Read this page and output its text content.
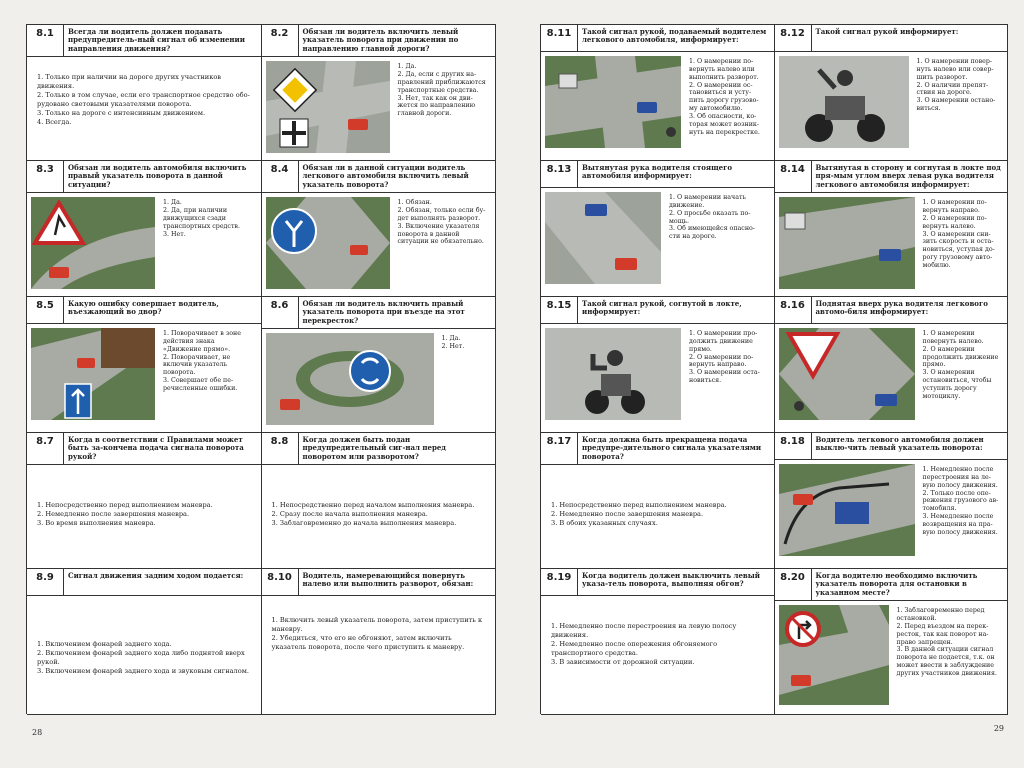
8.1	Всегда ли водитель должен подавать предупредитель-ный сигнал об изменении направления движения?
1. Только при наличии на дороге других участников движения.
2. Только в том случае, если его транспортное средство обо-рудовано световыми указателями поворота.
3. Только на дороге с интенсивным движением.
4. Всегда.
8.2	Обязан ли водитель включить левый указатель поворота при движении по направлению главной дороги?
1. Да.
2. Да, если с других на-правлений приближаются транспортные средства.
3. Нет, так как он дви-жется по направлению главной дороги.
8.3	Обязан ли водитель автомобиля включить правый указатель поворота в данной ситуации?
1. Да.
2. Да, при наличии движущихся сзади транспортных средств.
3. Нет.
8.4	Обязан ли в данной ситуации водитель легкового автомобиля включить левый указатель поворота?
1. Обязан.
2. Обязан, только если бу-дет выполнять разворот.
3. Включение указателя поворота в данной ситуации не обязательно.
8.5	Какую ошибку совершает водитель, въезжающий во двор?
1. Поворачивает в зоне действия знака «Движение прямо».
2. Поворачивает, не включив указатель поворота.
3. Совершает обе пе-речисленные ошибки.
8.6	Обязан ли водитель включить правый указатель поворота при въезде на этот перекресток?
1. Да.
2. Нет.
8.7	Когда в соответствии с Правилами может быть за-кончена подача сигнала поворота рукой?
1. Непосредственно перед выполнением маневра.
2. Немедленно после завершения маневра.
3. Во время выполнения маневра.
8.8	Когда должен быть подан предупредительный сиг-нал перед поворотом или разворотом?
1. Непосредственно перед началом выполнения маневра.
2. Сразу после начала выполнения маневра.
3. Заблаговременно до начала выполнения маневра.
8.9	Сигнал движения задним ходом подается:
1. Включением фонарей заднего хода.
2. Включением фонарей заднего хода либо поднятой вверх рукой.
3. Включением фонарей заднего хода и звуковым сигналом.
8.10	Водитель, намеревающийся повернуть налево или выполнить разворот, обязан:
1. Включить левый указатель поворота, затем приступить к маневру.
2. Убедиться, что его не обгоняют, затем включить указатель поворота, после чего приступить к маневру.
28
8.11	Такой сигнал рукой, подаваемый водителем легкового автомобиля, информирует:
1. О намерении по-вернуть налево или выполнить разворот.
2. О намерении ос-тановиться и усту-пить дорогу грузово-му автомобилю.
3. Об опасности, ко-торая может возник-нуть на перекрестке.
8.12	Такой сигнал рукой информирует:
1. О намерении повер-нуть налево или совер-шить разворот.
2. О наличии препят-ствия на дороге.
3. О намерении остано-виться.
8.13	Вытянутая рука водителя стоящего автомобиля информирует:
1. О намерении начать движение.
2. О просьбе оказать по-мощь.
3. Об имеющейся опасно-сти на дороге.
8.14	Вытянутая в сторону и согнутая в локте под пря-мым углом вверх левая рука водителя легкового автомобиля информирует:
1. О намерении по-вернуть направо.
2. О намерении по-вернуть налево.
3. О намерении сни-зить скорость и оста-новиться, уступая до-рогу грузовому авто-мобилю.
8.15	Такой сигнал рукой, согнутой в локте, информирует:
1. О намерении про-должить движение прямо.
2. О намерении по-вернуть направо.
3. О намерении оста-новиться.
8.16	Поднятая вверх рука водителя легкового автомо-биля информирует:
1. О намерении повернуть налево.
2. О намерении продолжить движение прямо.
3. О намерении остановиться, чтобы уступить дорогу мотоциклу.
8.17	Когда должна быть прекращена подача предупре-дительного сигнала указателями поворота?
1. Непосредственно перед выполнением маневра.
2. Немедленно после завершения маневра.
3. В обоих указанных случаях.
8.18	Водитель легкового автомобиля должен выклю-чить левый указатель поворота:
1. Немедленно после перестроения на ле-вую полосу движения.
2. Только после опе-режения грузового ав-томобиля.
3. Немедленно после возвращения на пра-вую полосу движения.
8.19	Когда водитель должен выключить левый указа-тель поворота, выполняя обгон?
1. Немедленно после перестроения на левую полосу движения.
2. Немедленно после опережения обгоняемого транспортного средства.
3. В зависимости от дорожной ситуации.
8.20	Когда водителю необходимо включить указатель поворота для остановки в указанном месте?
1. Заблаговременно перед остановкой.
2. Перед въездом на перек-ресток, так как поворот на-право запрещен.
3. В данной ситуации сигнал поворота не подается, т.к. он может ввести в заблуждение других участников движения.
29
